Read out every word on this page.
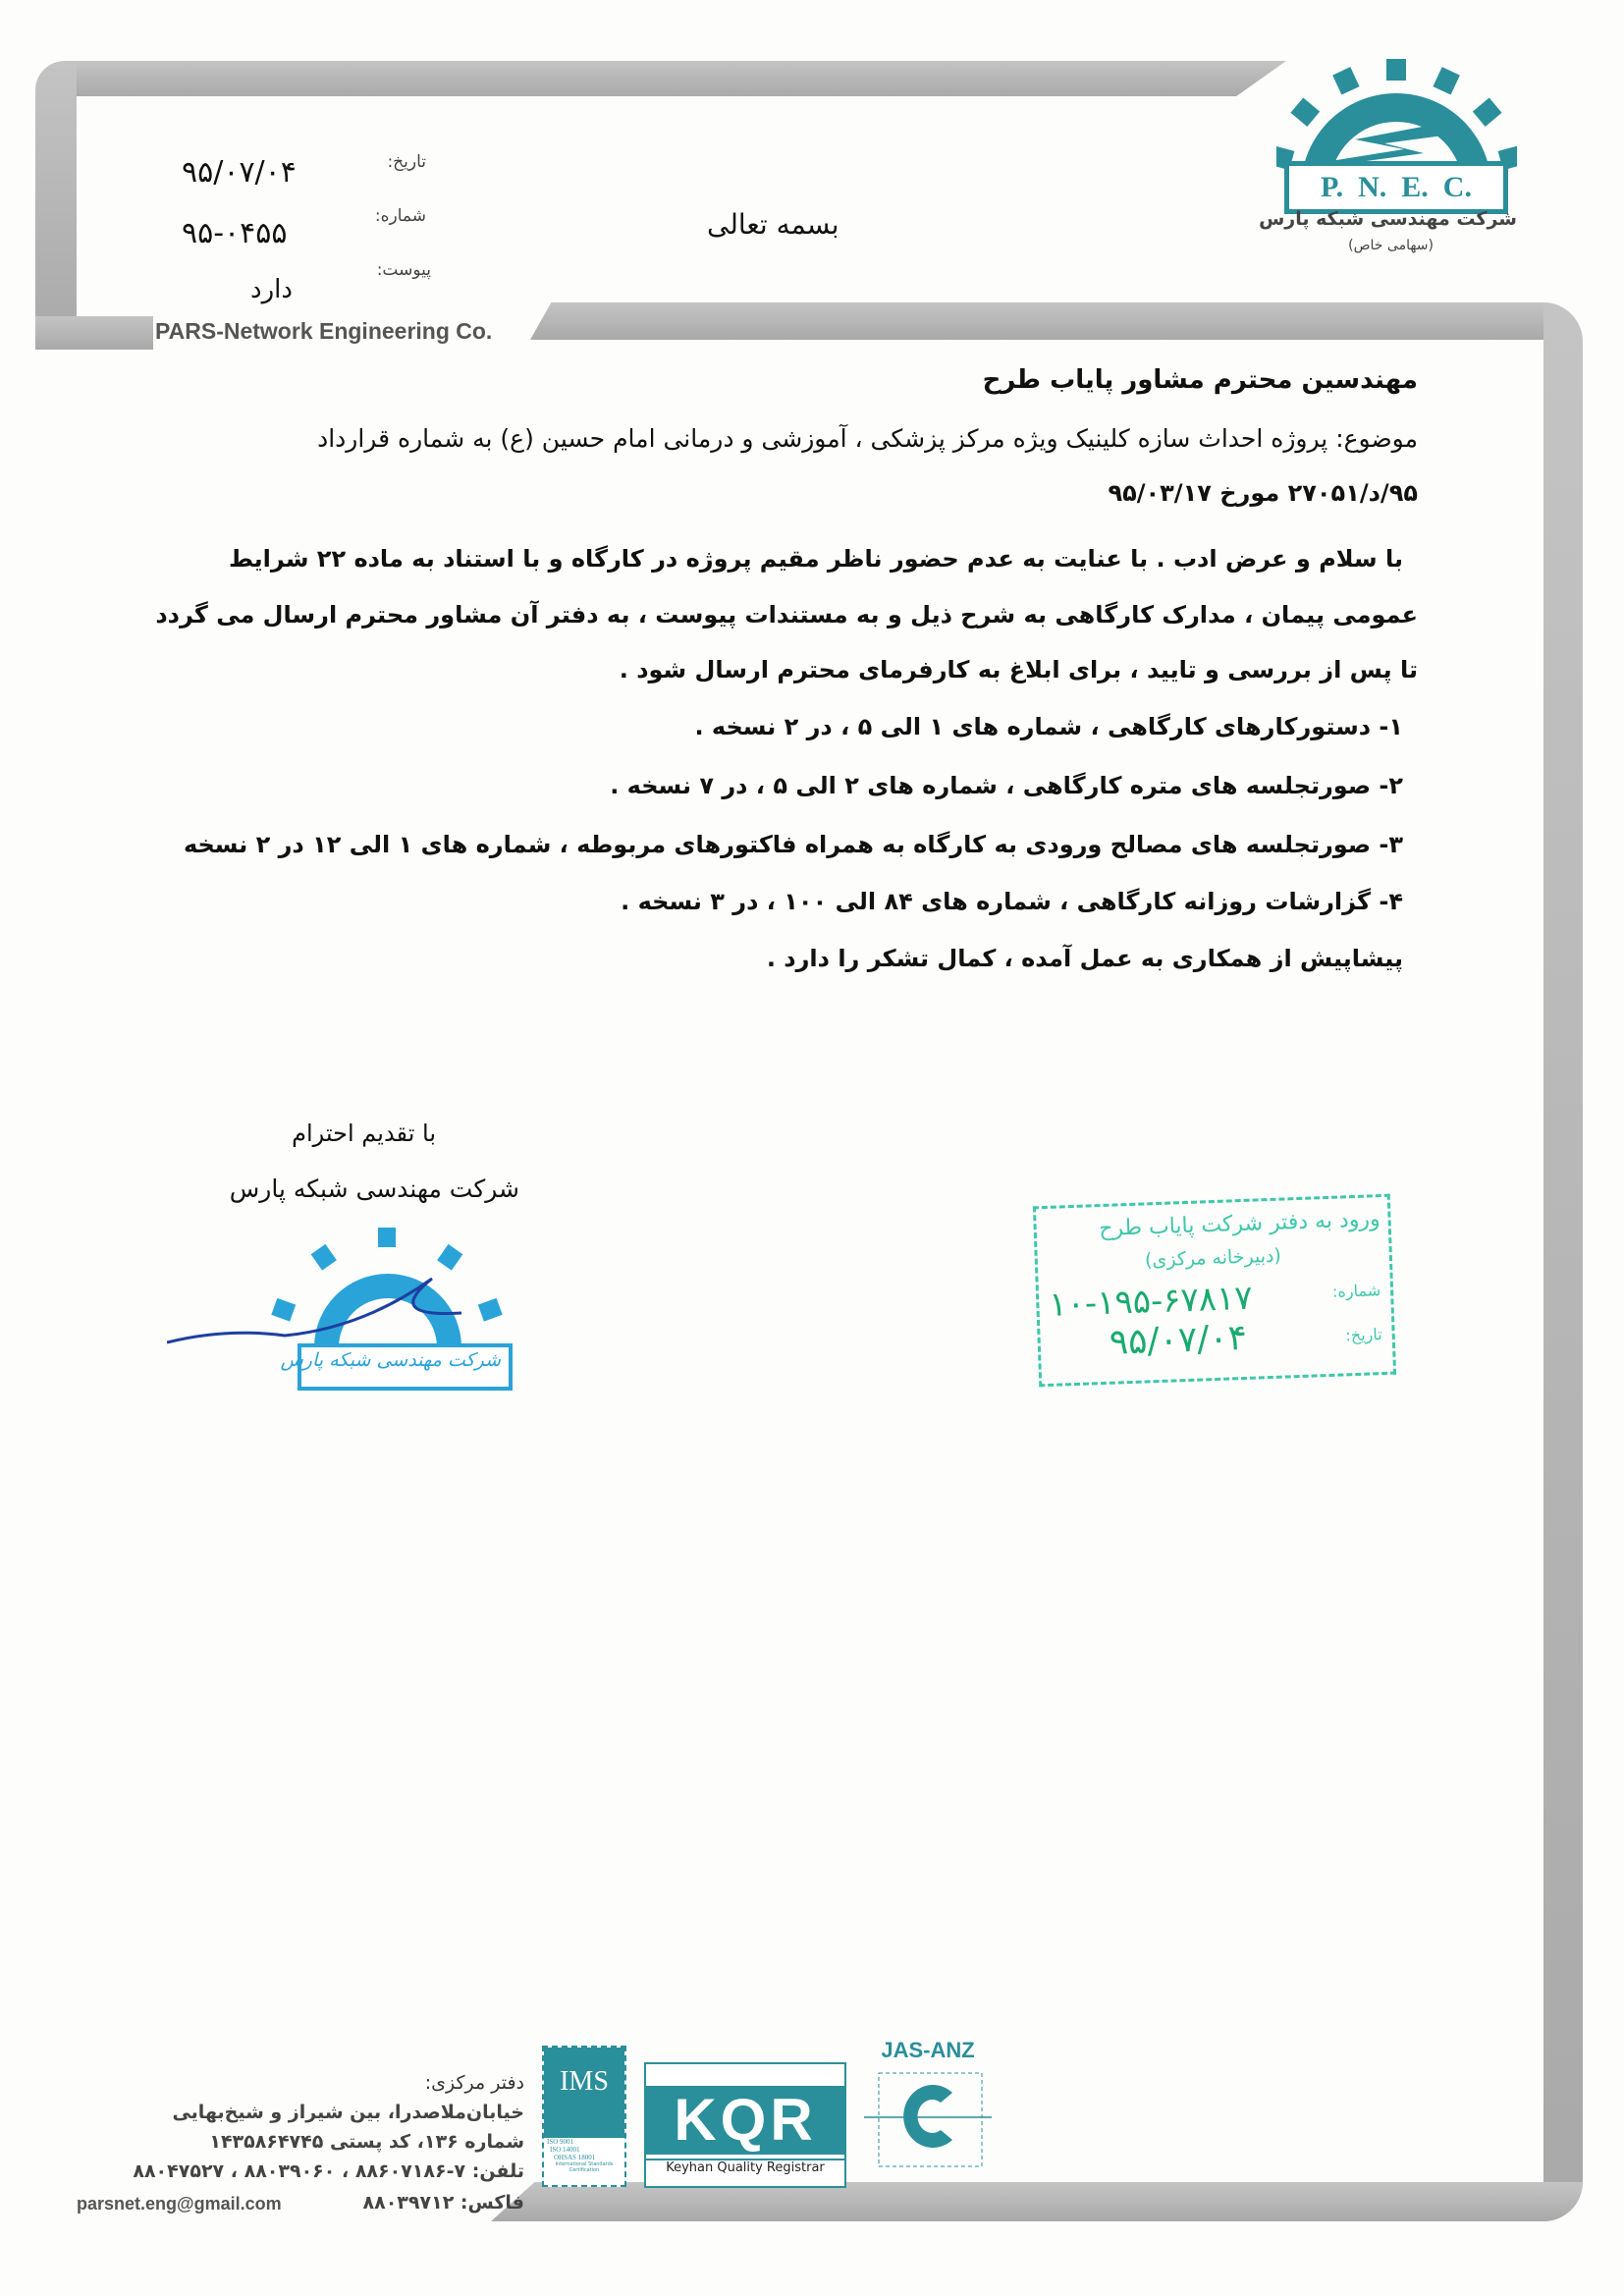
PARS-Network Engineering Co.
تاریخ:
۹۵/۰۷/۰۴
شماره:
۹۵-۰۴۵۵
پیوست:
دارد
بسمه تعالی
P.  N.  E.  C.
شرکت مهندسی شبکه پارس
(سهامی خاص)
مهندسین محترم مشاور پایاب طرح
موضوع: پروژه احداث سازه کلینیک ویژه مرکز پزشکی ، آموزشی و درمانی امام حسین (ع) به شماره قرارداد
۹۵/د/۲۷۰۵۱ مورخ ۹۵/۰۳/۱۷
با سلام و عرض ادب . با عنایت به عدم حضور ناظر مقیم پروژه در کارگاه و با استناد به ماده ۲۲ شرایط
عمومی پیمان ، مدارک کارگاهی به شرح ذیل و به مستندات پیوست ، به دفتر آن مشاور محترم ارسال می گردد
تا پس از بررسی و تایید ، برای ابلاغ به کارفرمای محترم ارسال شود .
۱- دستورکارهای کارگاهی ، شماره های ۱ الی ۵ ، در ۲ نسخه .
۲- صورتجلسه های متره کارگاهی ، شماره های ۲ الی ۵ ، در ۷ نسخه .
۳- صورتجلسه های مصالح ورودی به کارگاه به همراه فاکتورهای مربوطه ، شماره های ۱ الی ۱۲ در ۲ نسخه
۴- گزارشات روزانه کارگاهی ، شماره های ۸۴ الی ۱۰۰ ، در ۳ نسخه .
پیشاپیش از همکاری به عمل آمده ، کمال تشکر را دارد .
با تقدیم احترام
شرکت مهندسی شبکه پارس
شرکت مهندسی شبکه پارس
ورود به دفتر شرکت پایاب طرح
(دبیرخانه مرکزی)
شماره:
۱۰-۱۹۵-۶۷۸۱۷
تاریخ:
۹۵/۰۷/۰۴
دفتر مرکزی:
خیابان‌ملاصدرا، بین شیراز و شیخ‌بهایی
شماره ۱۳۶، کد پستی ۱۴۳۵۸۶۴۷۴۵
تلفن: ۷-۸۸۶۰۷۱۸۶ ، ۸۸۰۳۹۰۶۰ ، ۸۸۰۴۷۵۲۷
فاکس: ۸۸۰۳۹۷۱۲
parsnet.eng@gmail.com
IMS
ISO 9001
ISO 14001
OHSAS 18001
International Standards
Certification
KQR
Keyhan Quality Registrar
JAS-ANZ
